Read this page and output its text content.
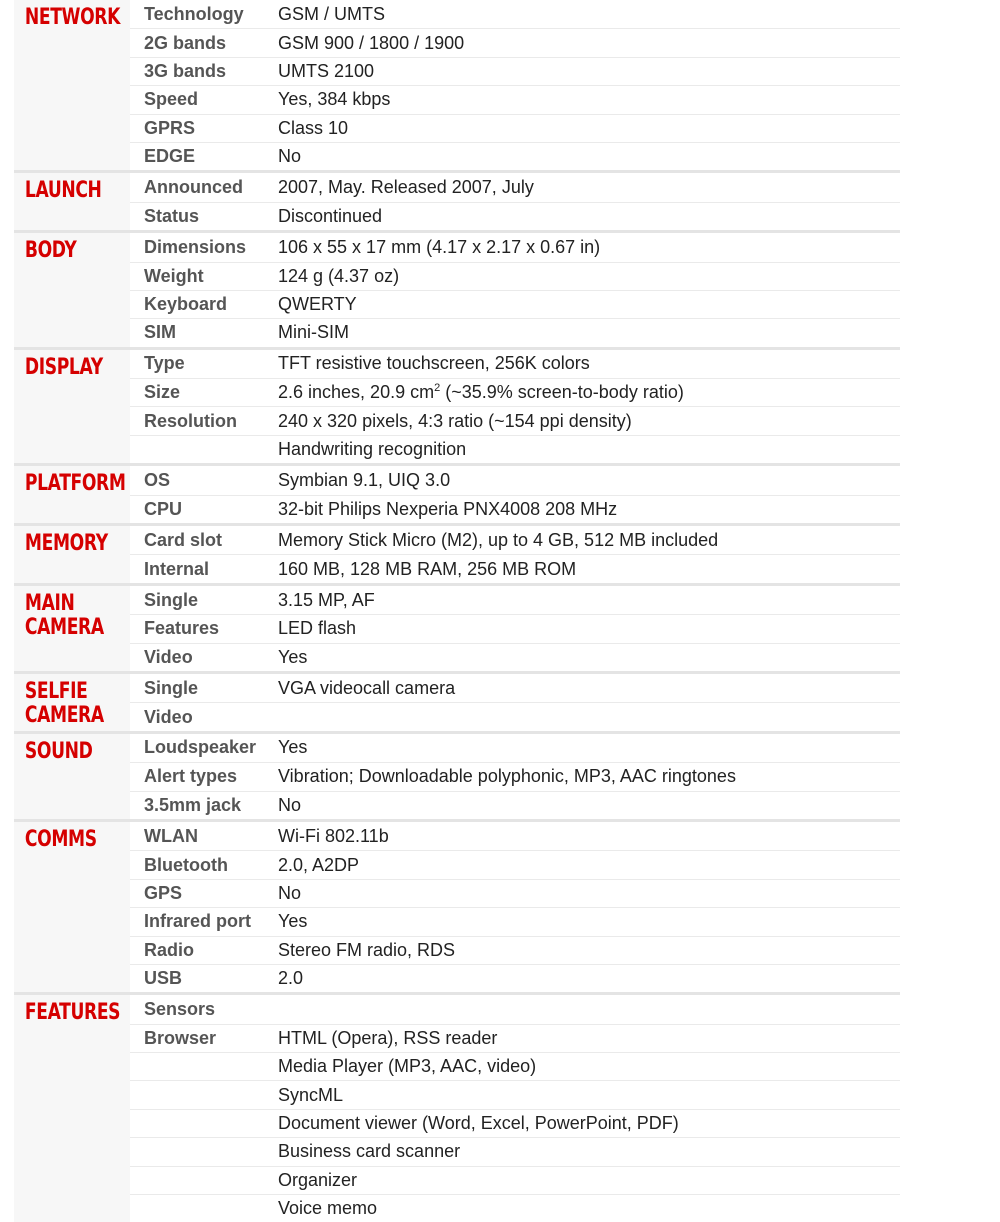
NETWORK	Technology	GSM / UMTS
2G bands	GSM 900 / 1800 / 1900
3G bands	UMTS 2100
Speed	Yes, 384 kbps
GPRS	Class 10
EDGE	No
LAUNCH	Announced	2007, May. Released 2007, July
Status	Discontinued
BODY	Dimensions	106 x 55 x 17 mm (4.17 x 2.17 x 0.67 in)
Weight	124 g (4.37 oz)
Keyboard	QWERTY
SIM	Mini-SIM
DISPLAY	Type	TFT resistive touchscreen, 256K colors
Size	2.6 inches, 20.9 $cm^2$ (~35.9% screen-to-body ratio)
Resolution	240 x 320 pixels, 4:3 ratio (~154 ppi density)
Handwriting recognition
PLATFORM	OS	Symbian 9.1, UIQ 3.0
CPU	32-bit Philips Nexperia PNX4008 208 MHz
MEMORY	Card slot	Memory Stick Micro (M2), up to 4 GB, 512 MB included
Internal	160 MB, 128 MB RAM, 256 MB ROM
MAIN
CAMERA
Single	3.15 MP, AF
Features	LED flash
Video	Yes
SELFIE
CAMERA
Single	VGA videocall camera
Video
SOUND	Loudspeaker	Yes
Alert types	Vibration; Downloadable polyphonic, MP3, AAC ringtones
3.5mm jack	No
COMMS	WLAN	Wi-Fi 802.11b
Bluetooth	2.0, A2DP
GPS	No
Infrared port	Yes
Radio	Stereo FM radio, RDS
USB	2.0
FEATURES	Sensors
Browser	HTML (Opera), RSS reader
Media Player (MP3, AAC, video)
SyncML
Document viewer (Word, Excel, PowerPoint, PDF)
Business card scanner
Organizer
Voice memo
